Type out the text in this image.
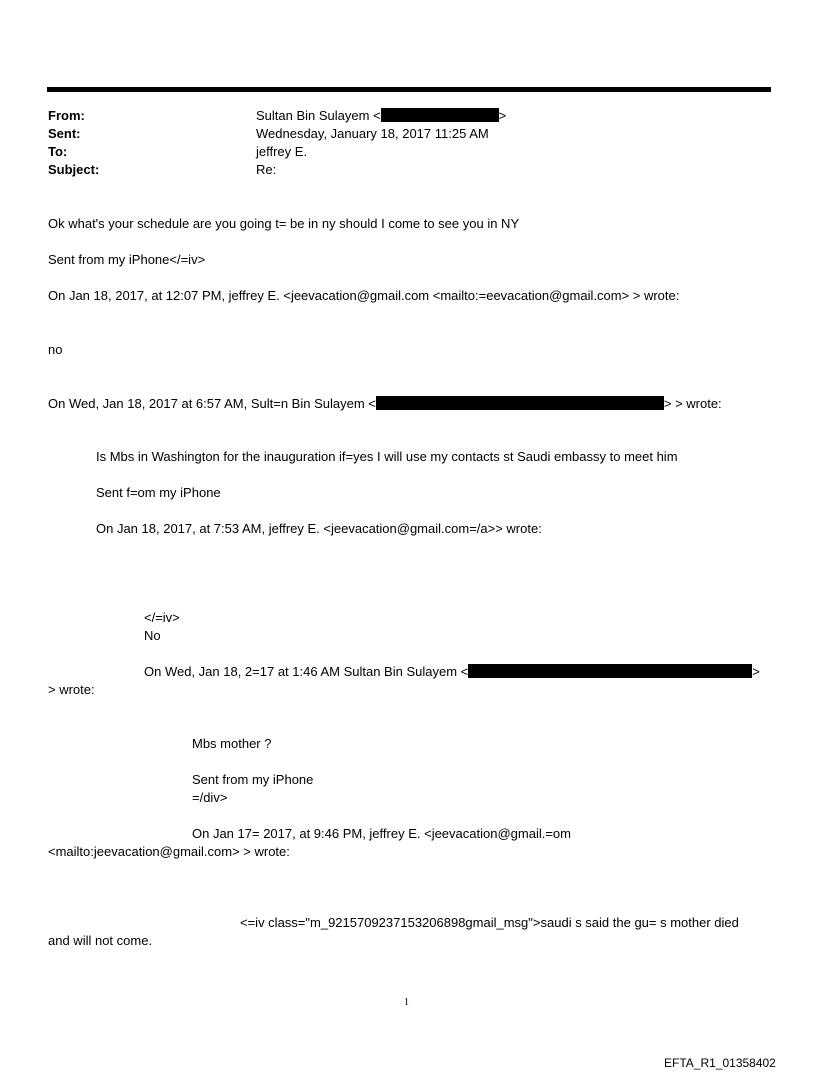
From:	Sultan Bin Sulayem <	>
Sent:	Wednesday, January 18, 2017 11:25 AM
To:	jeffrey E.
Subject:	Re:
Ok what's your schedule are you going t= be in ny should I come to see you in NY
Sent from my iPhone</=iv>
On Jan 18, 2017, at 12:07 PM, jeffrey E. <jeevacation@gmail.com <mailto:=eevacation@gmail.com> > wrote:
no
On Wed, Jan 18, 2017 at 6:57 AM, Sult=n Bin Sulayem <	> > wrote:
Is Mbs in Washington for the inauguration if=yes I will use my contacts st Saudi embassy to meet him
Sent f=om my iPhone
On Jan 18, 2017, at 7:53 AM, jeffrey E. <jeevacation@gmail.com=/a>> wrote:
</=iv>
No
On Wed, Jan 18, 2=17 at 1:46 AM Sultan Bin Sulayem <	>
> wrote:
Mbs mother ?
Sent from my iPhone
=/div>
On Jan 17= 2017, at 9:46 PM, jeffrey E. <jeevacation@gmail.=om
<mailto:jeevacation@gmail.com> > wrote:
<=iv class="m_9215709237153206898gmail_msg">saudi s said the gu= s mother died
and will not come.
1
EFTA_R1_01358402
